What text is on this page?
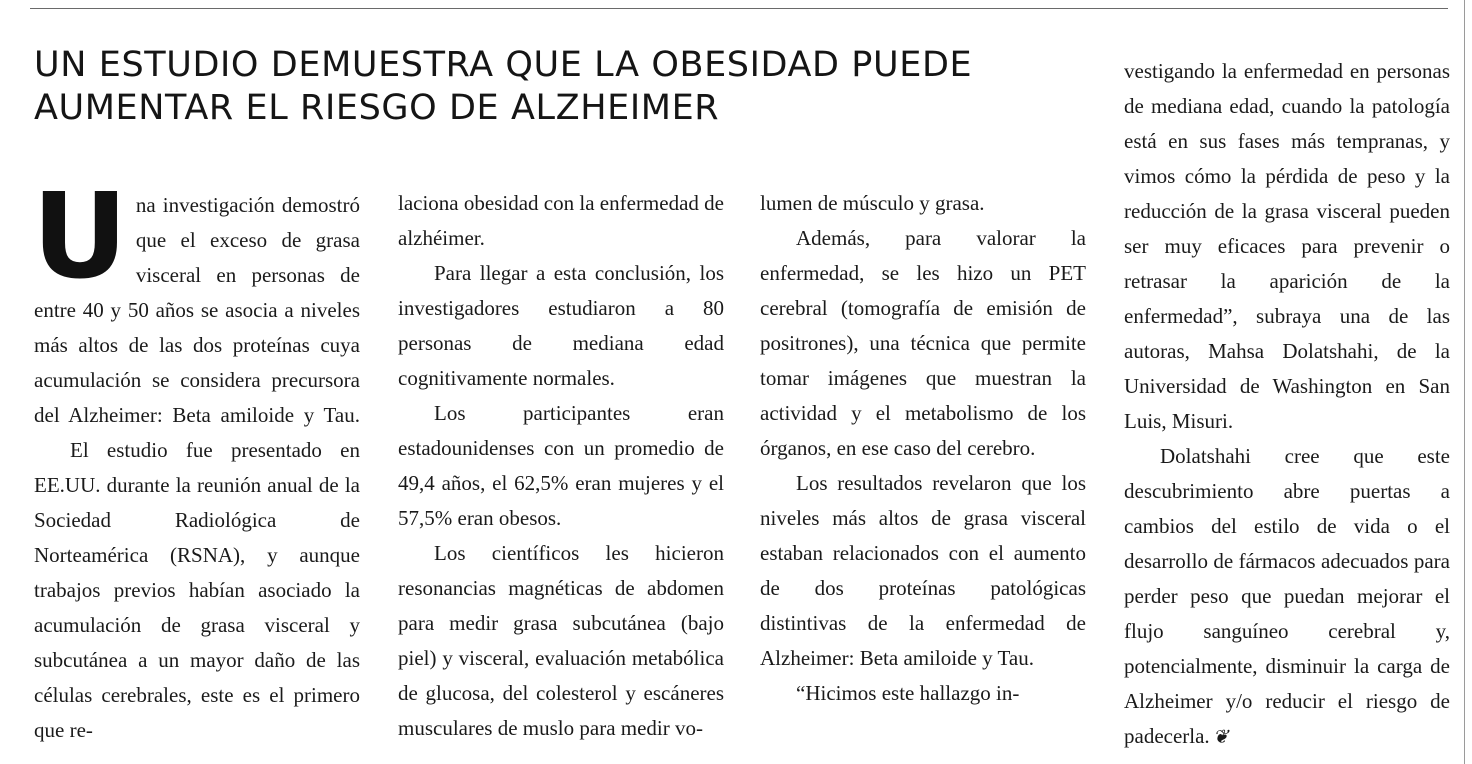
UN ESTUDIO DEMUESTRA QUE LA OBESIDAD PUEDE AUMENTAR EL RIESGO DE ALZHEIMER

Una investigación demostró que el exceso de grasa visceral en personas de entre 40 y 50 años se asocia a niveles más altos de las dos proteínas cuya acumulación se considera precursora del Alzheimer: Beta amiloide y Tau.

El estudio fue presentado en EE.UU. durante la reunión anual de la Sociedad Radiológica de Norteamérica (RSNA), y aunque trabajos previos habían asociado la acumulación de grasa visceral y subcutánea a un mayor daño de las células cerebrales, este es el primero que re-

laciona obesidad con la enfermedad de alzhéimer.

Para llegar a esta conclusión, los investigadores estudiaron a 80 personas de mediana edad cognitivamente normales.

Los participantes eran estadounidenses con un promedio de 49,4 años, el 62,5% eran mujeres y el 57,5% eran obesos.

Los científicos les hicieron resonancias magnéticas de abdomen para medir grasa subcutánea (bajo piel) y visceral, evaluación metabólica de glucosa, del colesterol y escáneres musculares de muslo para medir vo-

lumen de músculo y grasa.

Además, para valorar la enfermedad, se les hizo un PET cerebral (tomografía de emisión de positrones), una técnica que permite tomar imágenes que muestran la actividad y el metabolismo de los órganos, en ese caso del cerebro.

Los resultados revelaron que los niveles más altos de grasa visceral estaban relacionados con el aumento de dos proteínas patológicas distintivas de la enfermedad de Alzheimer: Beta amiloide y Tau.

“Hicimos este hallazgo in-

vestigando la enfermedad en personas de mediana edad, cuando la patología está en sus fases más tempranas, y vimos cómo la pérdida de peso y la reducción de la grasa visceral pueden ser muy eficaces para prevenir o retrasar la aparición de la enfermedad”, subraya una de las autoras, Mahsa Dolatshahi, de la Universidad de Washington en San Luis, Misuri.

Dolatshahi cree que este descubrimiento abre puertas a cambios del estilo de vida o el desarrollo de fármacos adecuados para perder peso que puedan mejorar el flujo sanguíneo cerebral y, potencialmente, disminuir la carga de Alzheimer y/o reducir el riesgo de padecerla. ❦
